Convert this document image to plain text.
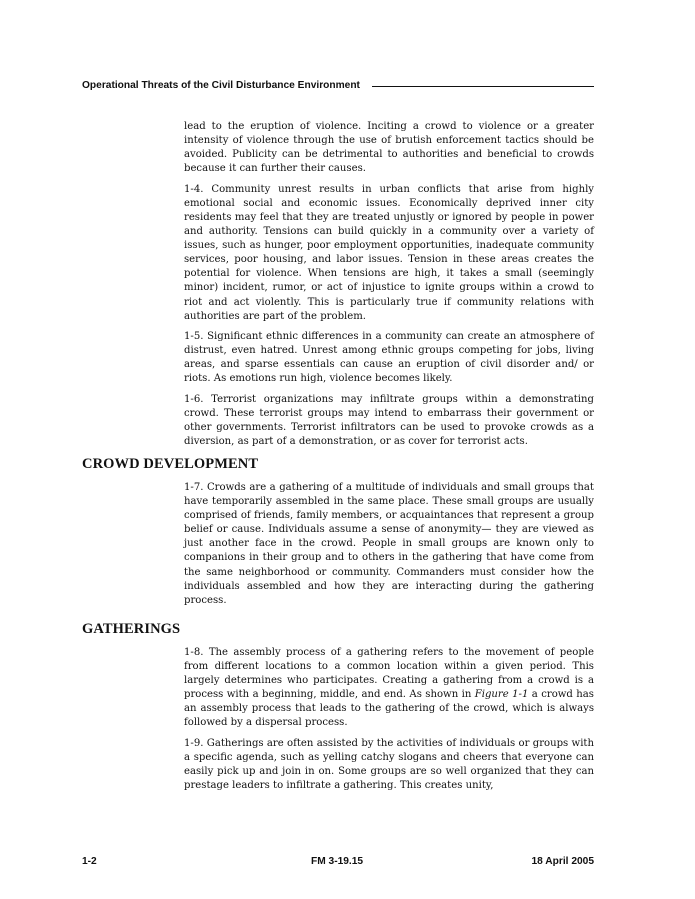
Operational Threats of the Civil Disturbance Environment

lead to the eruption of violence. Inciting a crowd to violence or a greater intensity of violence through the use of brutish enforcement tactics should be avoided. Publicity can be detrimental to authorities and beneficial to crowds because it can further their causes.

1-4. Community unrest results in urban conflicts that arise from highly emotional social and economic issues. Economically deprived inner city residents may feel that they are treated unjustly or ignored by people in power and authority. Tensions can build quickly in a community over a variety of issues, such as hunger, poor employment opportunities, inadequate community services, poor housing, and labor issues. Tension in these areas creates the potential for violence. When tensions are high, it takes a small (seemingly minor) incident, rumor, or act of injustice to ignite groups within a crowd to riot and act violently. This is particularly true if community relations with authorities are part of the problem.

1-5. Significant ethnic differences in a community can create an atmosphere of distrust, even hatred. Unrest among ethnic groups competing for jobs, living areas, and sparse essentials can cause an eruption of civil disorder and/ or riots. As emotions run high, violence becomes likely.

1-6. Terrorist organizations may infiltrate groups within a demonstrating crowd. These terrorist groups may intend to embarrass their government or other governments. Terrorist infiltrators can be used to provoke crowds as a diversion, as part of a demonstration, or as cover for terrorist acts.

CROWD DEVELOPMENT

1-7. Crowds are a gathering of a multitude of individuals and small groups that have temporarily assembled in the same place. These small groups are usually comprised of friends, family members, or acquaintances that represent a group belief or cause. Individuals assume a sense of anonymity— they are viewed as just another face in the crowd. People in small groups are known only to companions in their group and to others in the gathering that have come from the same neighborhood or community. Commanders must consider how the individuals assembled and how they are interacting during the gathering process.

GATHERINGS

1-8. The assembly process of a gathering refers to the movement of people from different locations to a common location within a given period. This largely determines who participates. Creating a gathering from a crowd is a process with a beginning, middle, and end. As shown in Figure 1-1 a crowd has an assembly process that leads to the gathering of the crowd, which is always followed by a dispersal process.

1-9. Gatherings are often assisted by the activities of individuals or groups with a specific agenda, such as yelling catchy slogans and cheers that everyone can easily pick up and join in on. Some groups are so well organized that they can prestage leaders to infiltrate a gathering. This creates unity,

1-2	FM 3-19.15	18 April 2005
